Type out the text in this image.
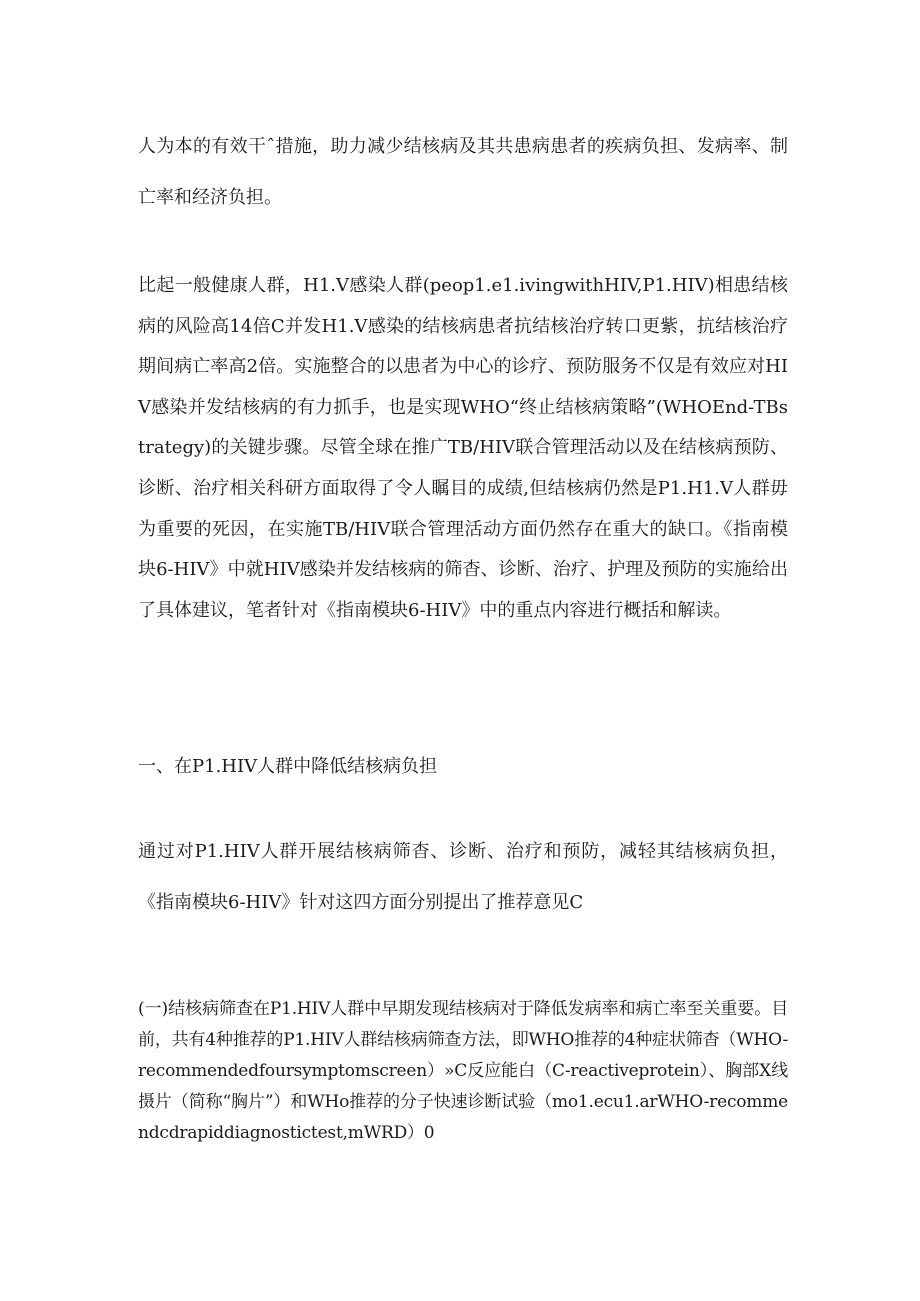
人为本的有效干ˆ措施，助力减少结核病及其共患病患者的疾病负担、发病率、制亡率和经济负担。

比起一般健康人群，H1.V感染人群(peop1.e1.ivingwithHIV,P1.HIV)相患结核病的风险高14倍C并发H1.V感染的结核病患者抗结核治疗转口更紫，抗结核治疗期间病亡率高2倍。实施整合的以患者为中心的诊疗、预防服务不仅是有效应对HIV感染并发结核病的有力抓手，也是实现WHO“终止结核病策略”(WHOEnd-TBstrategy)的关键步骤。尽管全球在推广TB/HIV联合管理活动以及在结核病预防、诊断、治疗相关科研方面取得了令人瞩目的成绩,但结核病仍然是P1.H1.V人群毋为重要的死因，在实施TB/HIV联合管理活动方面仍然存在重大的缺口。《指南模块6-HIV》中就HIV感染并发结核病的筛杳、诊断、治疗、护理及预防的实施给出了具体建议，笔者针对《指南模块6-HIV》中的重点内容进行概括和解读。

一、在P1.HIV人群中降低结核病负担

通过对P1.HIV人群开展结核病筛杳、诊断、治疗和预防，减轻其结核病负担，《指南模块6-HIV》针对这四方面分别提出了推荐意见C

(一)结核病筛查在P1.HIV人群中早期发现结核病对于降低发病率和病亡率至关重要。目前，共有4种推荐的P1.HIV人群结核病筛查方法，即WHO推荐的4种症状筛杳（WHO-recommendedfoursymptomscreen）»C反应能白（C-reactiveprotein）、胸部X线摄片（简称“胸片”）和WHo推荐的分子快速诊断试验（mo1.ecu1.arWHO-recommendcdrapiddiagnostictest,mWRD）0
